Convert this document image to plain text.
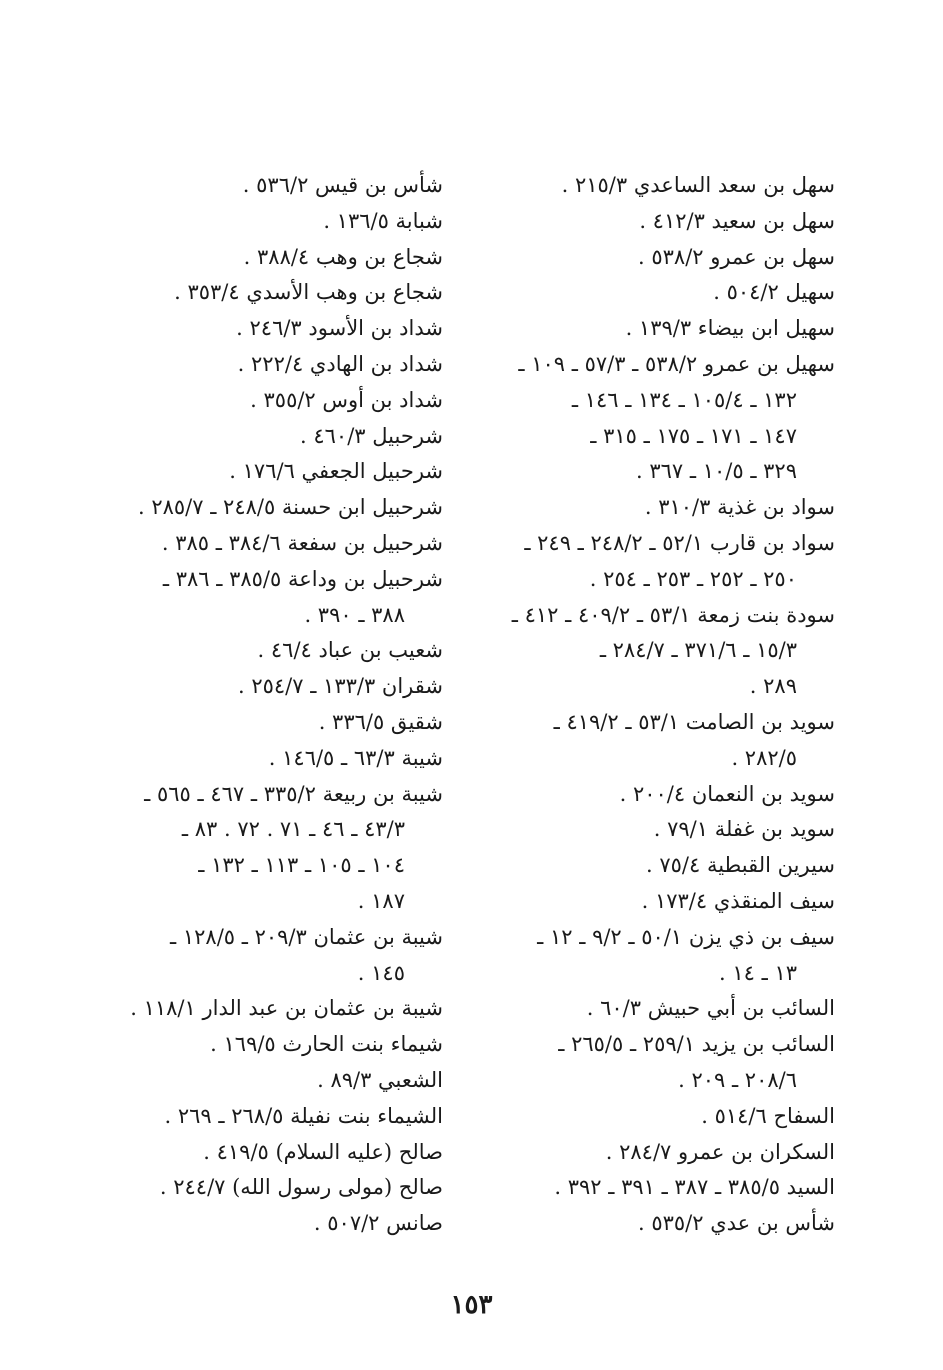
سهل بن سعد الساعدي ٢١٥/٣ .
سهل بن سعيد ٤١٢/٣ .
سهل بن عمرو ٥٣٨/٢ .
سهيل ٥٠٤/٢ .
سهيل ابن بيضاء ١٣٩/٣ .
سهيل بن عمرو ٥٣٨/٢ ـ ٥٧/٣ ـ ١٠٩ ـ
١٣٢ ـ ١٠٥/٤ ـ ١٣٤ ـ ١٤٦ ـ
١٤٧ ـ ١٧١ ـ ١٧٥ ـ ٣١٥ ـ
٣٢٩ ـ ١٠/٥ ـ ٣٦٧ .
سواد بن غذية ٣١٠/٣ .
سواد بن قارب ٥٢/١ ـ ٢٤٨/٢ ـ ٢٤٩ ـ
٢٥٠ ـ ٢٥٢ ـ ٢٥٣ ـ ٢٥٤ .
سودة بنت زمعة ٥٣/١ ـ ٤٠٩/٢ ـ ٤١٢ ـ
١٥/٣ ـ ٣٧١/٦ ـ ٢٨٤/٧ ـ
٢٨٩ .
سويد بن الصامت ٥٣/١ ـ ٤١٩/٢ ـ
٢٨٢/٥ .
سويد بن النعمان ٢٠٠/٤ .
سويد بن غفلة ٧٩/١ .
سيرين القبطية ٧٥/٤ .
سيف المنقذي ١٧٣/٤ .
سيف بن ذي يزن ٥٠/١ ـ ٩/٢ ـ ١٢ ـ
١٣ ـ ١٤ .
السائب بن أبي حبيش ٦٠/٣ .
السائب بن يزيد ٢٥٩/١ ـ ٢٦٥/٥ ـ
٢٠٨/٦ ـ ٢٠٩ .
السفاح ٥١٤/٦ .
السكران بن عمرو ٢٨٤/٧ .
السيد ٣٨٥/٥ ـ ٣٨٧ ـ ٣٩١ ـ ٣٩٢ .
شأس بن عدي ٥٣٥/٢ .
شأس بن قيس ٥٣٦/٢ .
شبابة ١٣٦/٥ .
شجاع بن وهب ٣٨٨/٤ .
شجاع بن وهب الأسدي ٣٥٣/٤ .
شداد بن الأسود ٢٤٦/٣ .
شداد بن الهادي ٢٢٢/٤ .
شداد بن أوس ٣٥٥/٢ .
شرحبيل ٤٦٠/٣ .
شرحبيل الجعفي ١٧٦/٦ .
شرحبيل ابن حسنة ٢٤٨/٥ ـ ٢٨٥/٧ .
شرحبيل بن سفعة ٣٨٤/٦ ـ ٣٨٥ .
شرحبيل بن وداعة ٣٨٥/٥ ـ ٣٨٦ ـ
٣٨٨ ـ ٣٩٠ .
شعيب بن عباد ٤٦/٤ .
شقران ١٣٣/٣ ـ ٢٥٤/٧ .
شقيق ٣٣٦/٥ .
شيبة ٦٣/٣ ـ ١٤٦/٥ .
شيبة بن ربيعة ٣٣٥/٢ ـ ٤٦٧ ـ ٥٦٥ ـ
٤٣/٣ ـ ٤٦ ـ ٧١ . ٧٢ . ٨٣ ـ
١٠٤ ـ ١٠٥ ـ ١١٣ ـ ١٣٢ ـ
١٨٧ .
شيبة بن عثمان ٢٠٩/٣ ـ ١٢٨/٥ ـ
١٤٥ .
شيبة بن عثمان بن عبد الدار ١١٨/١ .
شيماء بنت الحارث ١٦٩/٥ .
الشعبي ٨٩/٣ .
الشيماء بنت نفيلة ٢٦٨/٥ ـ ٢٦٩ .
صالح (عليه السلام) ٤١٩/٥ .
صالح (مولى رسول الله) ٢٤٤/٧ .
صانس ٥٠٧/٢ .
١٥٣
